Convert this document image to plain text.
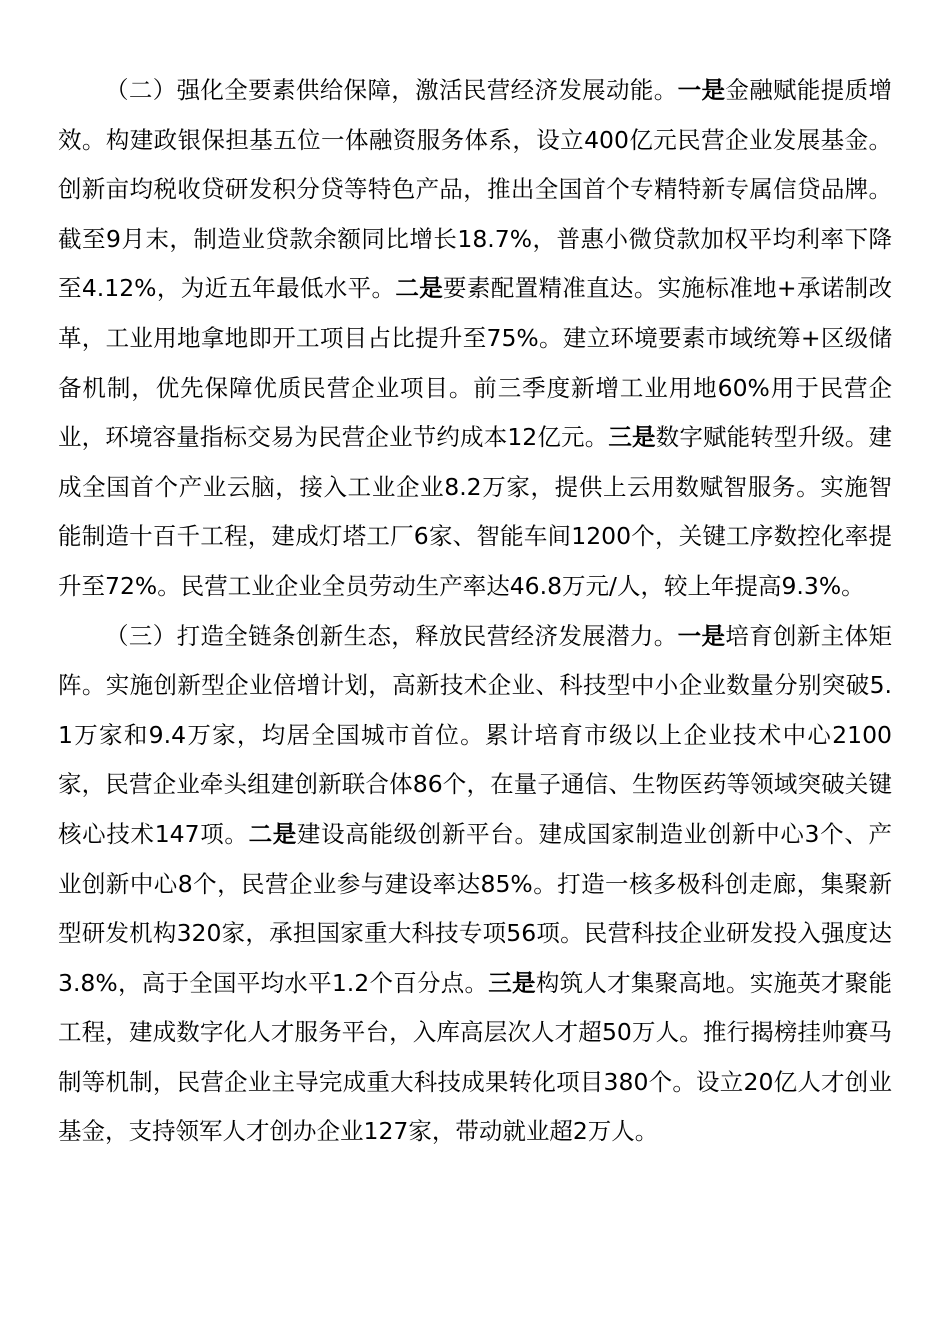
（二）强化全要素供给保障，激活民营经济发展动能。一是金融赋能提质增效。构建政银保担基五位一体融资服务体系，设立400亿元民营企业发展基金。创新亩均税收贷研发积分贷等特色产品，推出全国首个专精特新专属信贷品牌。截至9月末，制造业贷款余额同比增长18.7%，普惠小微贷款加权平均利率下降至4.12%，为近五年最低水平。二是要素配置精准直达。实施标准地+承诺制改革，工业用地拿地即开工项目占比提升至75%。建立环境要素市域统筹+区级储备机制，优先保障优质民营企业项目。前三季度新增工业用地60%用于民营企业，环境容量指标交易为民营企业节约成本12亿元。三是数字赋能转型升级。建成全国首个产业云脑，接入工业企业8.2万家，提供上云用数赋智服务。实施智能制造十百千工程，建成灯塔工厂6家、智能车间1200个，关键工序数控化率提升至72%。民营工业企业全员劳动生产率达46.8万元/人，较上年提高9.3%。

（三）打造全链条创新生态，释放民营经济发展潜力。一是培育创新主体矩阵。实施创新型企业倍增计划，高新技术企业、科技型中小企业数量分别突破5.1万家和9.4万家，均居全国城市首位。累计培育市级以上企业技术中心2100家，民营企业牵头组建创新联合体86个，在量子通信、生物医药等领域突破关键核心技术147项。二是建设高能级创新平台。建成国家制造业创新中心3个、产业创新中心8个，民营企业参与建设率达85%。打造一核多极科创走廊，集聚新型研发机构320家，承担国家重大科技专项56项。民营科技企业研发投入强度达3.8%，高于全国平均水平1.2个百分点。三是构筑人才集聚高地。实施英才聚能工程，建成数字化人才服务平台，入库高层次人才超50万人。推行揭榜挂帅赛马制等机制，民营企业主导完成重大科技成果转化项目380个。设立20亿人才创业基金，支持领军人才创办企业127家，带动就业超2万人。
